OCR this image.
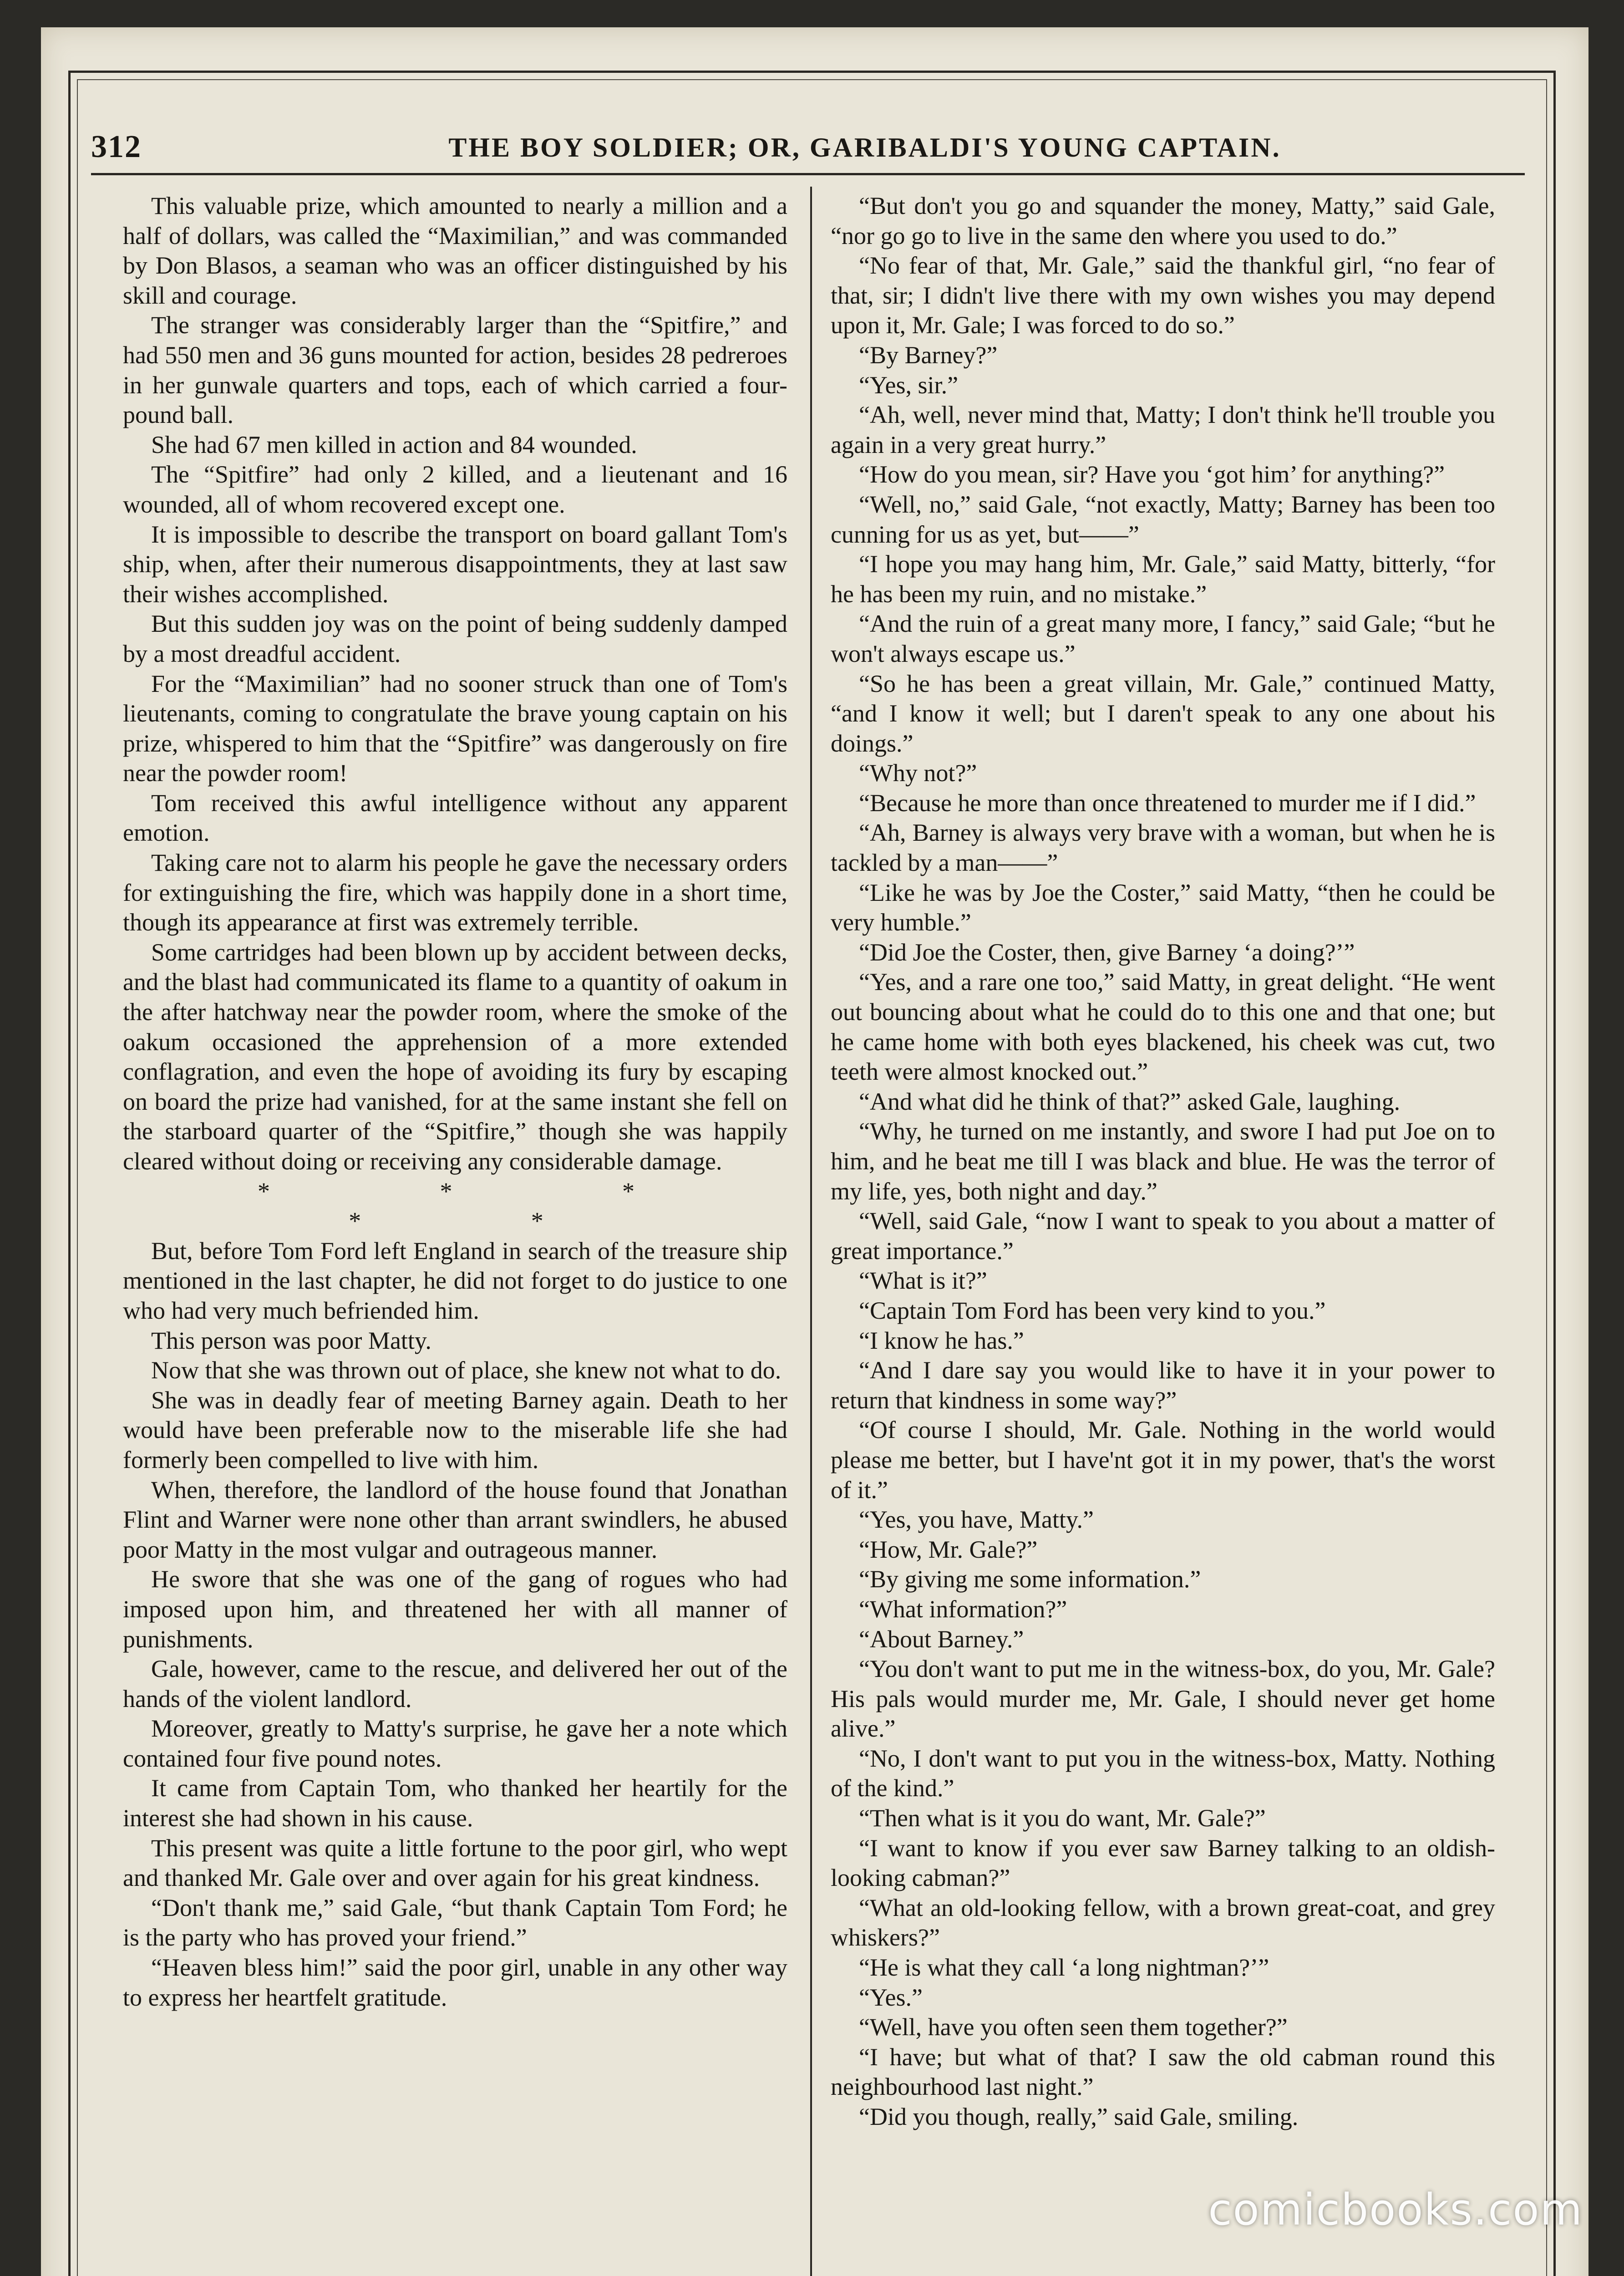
312	THE BOY SOLDIER; OR, GARIBALDI'S YOUNG CAPTAIN.

This valuable prize, which amounted to nearly a million and a half of dollars, was called the “Maximilian,” and was commanded by Don Blasos, a seaman who was an officer distinguished by his skill and courage.

The stranger was considerably larger than the “Spitfire,” and had 550 men and 36 guns mounted for action, besides 28 pedreroes in her gunwale quarters and tops, each of which carried a four-pound ball.

She had 67 men killed in action and 84 wounded.

The “Spitfire” had only 2 killed, and a lieutenant and 16 wounded, all of whom recovered except one.

It is impossible to describe the transport on board gallant Tom's ship, when, after their numerous disappointments, they at last saw their wishes accomplished.

But this sudden joy was on the point of being suddenly damped by a most dreadful accident.

For the “Maximilian” had no sooner struck than one of Tom's lieutenants, coming to congratulate the brave young captain on his prize, whispered to him that the “Spitfire” was dangerously on fire near the powder room!

Tom received this awful intelligence without any apparent emotion.

Taking care not to alarm his people he gave the necessary orders for extinguishing the fire, which was happily done in a short time, though its appearance at first was extremely terrible.

Some cartridges had been blown up by accident between decks, and the blast had communicated its flame to a quantity of oakum in the after hatchway near the powder room, where the smoke of the oakum occasioned the apprehension of a more extended conflagration, and even the hope of avoiding its fury by escaping on board the prize had vanished, for at the same instant she fell on the starboard quarter of the “Spitfire,” though she was happily cleared without doing or receiving any considerable damage.

* * * * *

But, before Tom Ford left England in search of the treasure ship mentioned in the last chapter, he did not forget to do justice to one who had very much befriended him.

This person was poor Matty.

Now that she was thrown out of place, she knew not what to do.

She was in deadly fear of meeting Barney again. Death to her would have been preferable now to the miserable life she had formerly been compelled to live with him.

When, therefore, the landlord of the house found that Jonathan Flint and Warner were none other than arrant swindlers, he abused poor Matty in the most vulgar and outrageous manner.

He swore that she was one of the gang of rogues who had imposed upon him, and threatened her with all manner of punishments.

Gale, however, came to the rescue, and delivered her out of the hands of the violent landlord.

Moreover, greatly to Matty's surprise, he gave her a note which contained four five pound notes.

It came from Captain Tom, who thanked her heartily for the interest she had shown in his cause.

This present was quite a little fortune to the poor girl, who wept and thanked Mr. Gale over and over again for his great kindness.

“Don't thank me,” said Gale, “but thank Captain Tom Ford; he is the party who has proved your friend.”

“Heaven bless him!” said the poor girl, unable in any other way to express her heartfelt gratitude.

“But don't you go and squander the money, Matty,” said Gale, “nor go go to live in the same den where you used to do.”

“No fear of that, Mr. Gale,” said the thankful girl, “no fear of that, sir; I didn't live there with my own wishes you may depend upon it, Mr. Gale; I was forced to do so.”

“By Barney?”

“Yes, sir.”

“Ah, well, never mind that, Matty; I don't think he'll trouble you again in a very great hurry.”

“How do you mean, sir? Have you ‘got him’ for anything?”

“Well, no,” said Gale, “not exactly, Matty; Barney has been too cunning for us as yet, but——”

“I hope you may hang him, Mr. Gale,” said Matty, bitterly, “for he has been my ruin, and no mistake.”

“And the ruin of a great many more, I fancy,” said Gale; “but he won't always escape us.”

“So he has been a great villain, Mr. Gale,” continued Matty, “and I know it well; but I daren't speak to any one about his doings.”

“Why not?”

“Because he more than once threatened to murder me if I did.”

“Ah, Barney is always very brave with a woman, but when he is tackled by a man——”

“Like he was by Joe the Coster,” said Matty, “then he could be very humble.”

“Did Joe the Coster, then, give Barney ‘a doing?’”

“Yes, and a rare one too,” said Matty, in great delight. “He went out bouncing about what he could do to this one and that one; but he came home with both eyes blackened, his cheek was cut, two teeth were almost knocked out.”

“And what did he think of that?” asked Gale, laughing.

“Why, he turned on me instantly, and swore I had put Joe on to him, and he beat me till I was black and blue. He was the terror of my life, yes, both night and day.”

“Well, said Gale, “now I want to speak to you about a matter of great importance.”

“What is it?”

“Captain Tom Ford has been very kind to you.”

“I know he has.”

“And I dare say you would like to have it in your power to return that kindness in some way?”

“Of course I should, Mr. Gale. Nothing in the world would please me better, but I have'nt got it in my power, that's the worst of it.”

“Yes, you have, Matty.”

“How, Mr. Gale?”

“By giving me some information.”

“What information?”

“About Barney.”

“You don't want to put me in the witness-box, do you, Mr. Gale? His pals would murder me, Mr. Gale, I should never get home alive.”

“No, I don't want to put you in the witness-box, Matty. Nothing of the kind.”

“Then what is it you do want, Mr. Gale?”

“I want to know if you ever saw Barney talking to an oldish-looking cabman?”

“What an old-looking fellow, with a brown great-coat, and grey whiskers?”

“He is what they call ‘a long nightman?’”

“Yes.”

“Well, have you often seen them together?”

“I have; but what of that? I saw the old cabman round this neighbourhood last night.”

“Did you though, really,” said Gale, smiling.

comicbooks.com
